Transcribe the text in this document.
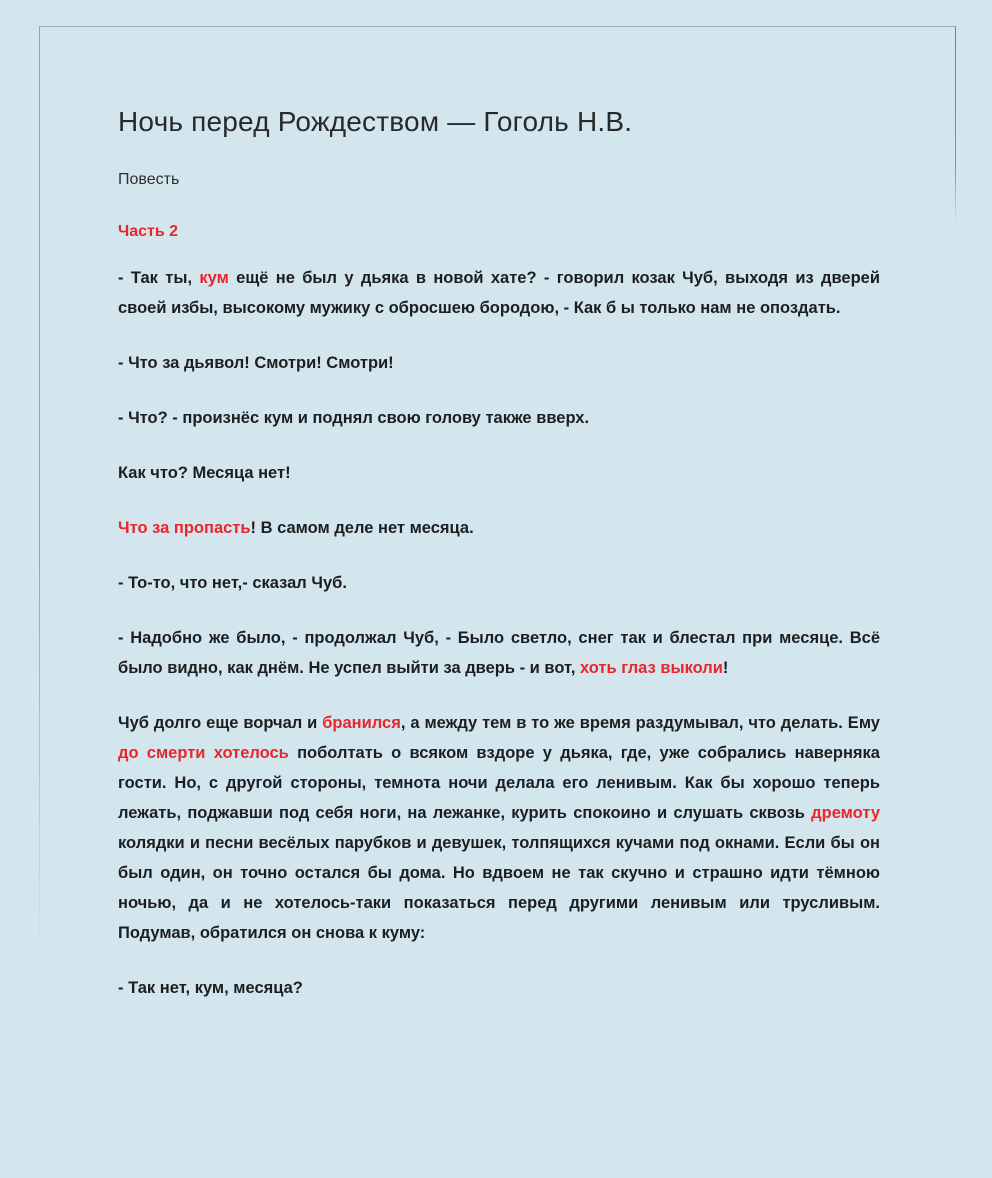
Ночь перед Рождеством — Гоголь Н.В.
Повесть
Часть 2

- Так ты, кум ещё не был у дьяка в новой хате? - говорил козак Чуб, выходя из дверей своей избы, высокому мужику с обросшею бородою, - Как б ы только нам не опоздать.

- Что за дьявол! Смотри! Смотри!

- Что? - произнёс кум и поднял свою голову также вверх.

Как что? Месяца нет!

Что за пропасть! В самом деле нет месяца.

- То-то, что нет,- сказал Чуб.

- Надобно же было, - продолжал Чуб, - Было светло, снег так и блестал при месяце. Всё было видно, как днём. Не успел выйти за дверь - и вот, хоть глаз выколи!

Чуб долго еще ворчал и бранился, а между тем в то же время раздумывал, что делать. Ему до смерти хотелось поболтать о всяком вздоре у дьяка, где, уже собрались наверняка гости. Но, с другой стороны, темнота ночи делала его ленивым. Как бы хорошо теперь лежать, поджавши под себя ноги, на лежанке, курить спокоино и слушать сквозь дремоту колядки и песни весёлых парубков и девушек, толпящихся кучами под окнами. Если бы он был один, он точно остался бы дома. Но вдвоем не так скучно и страшно идти тёмною ночью, да и не хотелось-таки показаться перед другими ленивым или трусливым. Подумав, обратился он снова к куму:

- Так нет, кум, месяца?
